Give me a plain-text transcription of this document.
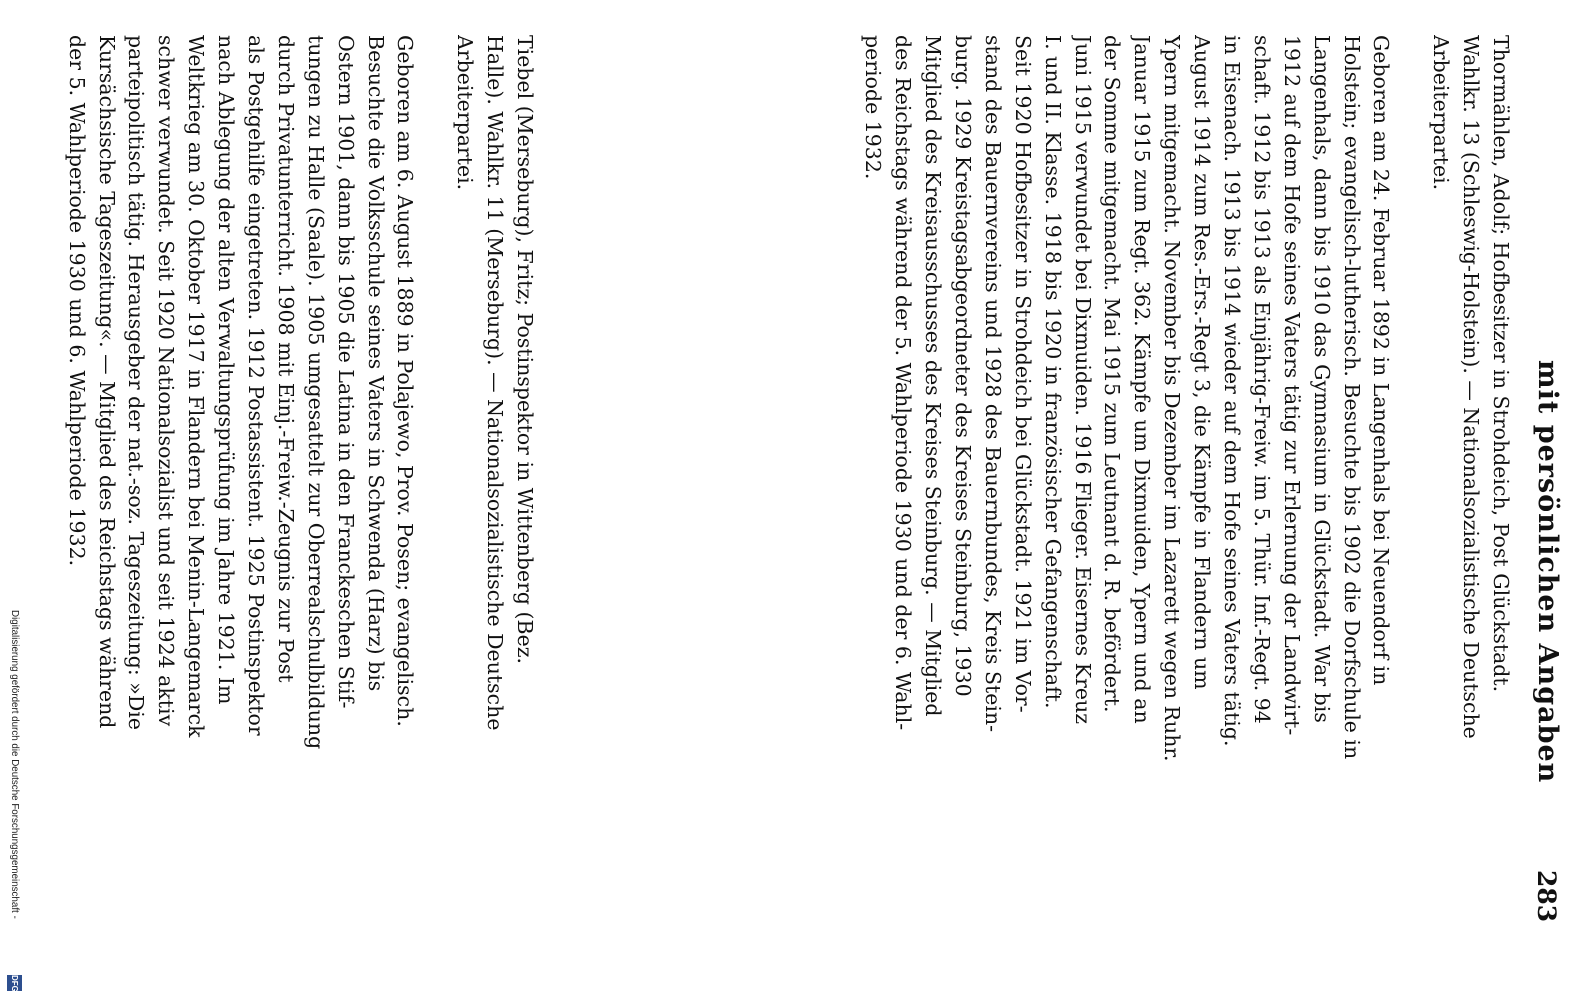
mit persönlichen Angaben
283
Thormählen, Adolf; Hofbesitzer in Strohdeich, Post Glückstadt.
Wahlkr. 13 (Schleswig-Holstein). — Nationalsozialistische Deutsche
Arbeiterpartei.
Geboren am 24. Februar 1892 in Langenhals bei Neuendorf in
Holstein; evangelisch-lutherisch. Besuchte bis 1902 die Dorfschule in
Langenhals, dann bis 1910 das Gymnasium in Glückstadt. War bis
1912 auf dem Hofe seines Vaters tätig zur Erlernung der Landwirt-
schaft. 1912 bis 1913 als Einjährig-Freiw. im 5. Thür. Inf.-Regt. 94
in Eisenach. 1913 bis 1914 wieder auf dem Hofe seines Vaters tätig.
August 1914 zum Res.-Ers.-Regt 3, die Kämpfe in Flandern um
Ypern mitgemacht. November bis Dezember im Lazarett wegen Ruhr.
Januar 1915 zum Regt. 362. Kämpfe um Dixmuiden, Ypern und an
der Somme mitgemacht. Mai 1915 zum Leutnant d. R. befördert.
Juni 1915 verwundet bei Dixmuiden. 1916 Flieger. Eisernes Kreuz
I. und II. Klasse. 1918 bis 1920 in französischer Gefangenschaft.
Seit 1920 Hofbesitzer in Strohdeich bei Glückstadt. 1921 im Vor-
stand des Bauernvereins und 1928 des Bauernbundes, Kreis Stein-
burg. 1929 Kreistagsabgeordneter des Kreises Steinburg, 1930
Mitglied des Kreisausschusses des Kreises Steinburg. — Mitglied
des Reichstags während der 5. Wahlperiode 1930 und der 6. Wahl-
periode 1932.
Tiebel (Merseburg), Fritz; Postinspektor in Wittenberg (Bez.
Halle). Wahlkr. 11 (Merseburg). — Nationalsozialistische Deutsche
Arbeiterpartei.
Geboren am 6. August 1889 in Polajewo, Prov. Posen; evangelisch.
Besuchte die Volksschule seines Vaters in Schwenda (Harz) bis
Ostern 1901, dann bis 1905 die Latina in den Franckeschen Stif-
tungen zu Halle (Saale). 1905 umgesattelt zur Oberrealschulbildung
durch Privatunterricht. 1908 mit Einj.-Freiw.-Zeugnis zur Post
als Postgehilfe eingetreten. 1912 Postassistent. 1925 Postinspektor
nach Ablegung der alten Verwaltungsprüfung im Jahre 1921. Im
Weltkrieg am 30. Oktober 1917 in Flandern bei Menin-Langemarck
schwer verwundet. Seit 1920 Nationalsozialist und seit 1924 aktiv
parteipolitisch tätig. Herausgeber der nat.-soz. Tageszeitung: »Die
Kursächsische Tageszeitung«. — Mitglied des Reichstags während
der 5. Wahlperiode 1930 und 6. Wahlperiode 1932.
Digitalisierung gefördert durch die Deutsche Forschungsgemeinschaft -
DFG
